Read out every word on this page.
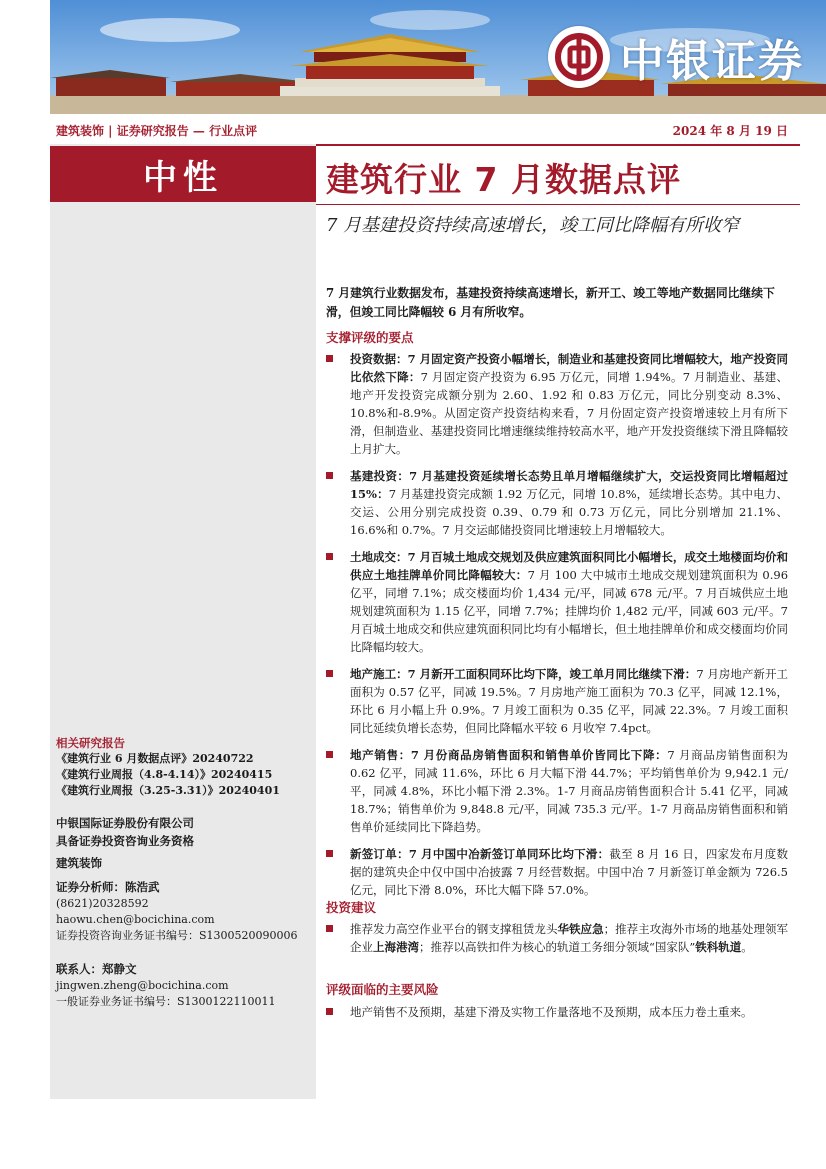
中银证券
建筑装饰 | 证券研究报告 — 行业点评	2024 年 8 月 19 日
中性	建筑行业 7 月数据点评
7 月基建投资持续高速增长，竣工同比降幅有所收窄
7 月建筑行业数据发布，基建投资持续高速增长，新开工、竣工等地产数据同比继续下滑，但竣工同比降幅较 6 月有所收窄。
支撑评级的要点
投资数据：7 月固定资产投资小幅增长，制造业和基建投资同比增幅较大，地产投资同比依然下降：7 月固定资产投资为 6.95 万亿元，同增 1.94%。7 月制造业、基建、地产开发投资完成额分别为 2.60、1.92 和 0.83 万亿元，同比分别变动 8.3%、10.8%和-8.9%。从固定资产投资结构来看，7 月份固定资产投资增速较上月有所下滑，但制造业、基建投资同比增速继续维持较高水平，地产开发投资继续下滑且降幅较上月扩大。
基建投资：7 月基建投资延续增长态势且单月增幅继续扩大，交运投资同比增幅超过 15%：7 月基建投资完成额 1.92 万亿元，同增 10.8%，延续增长态势。其中电力、交运、公用分别完成投资 0.39、0.79 和 0.73 万亿元，同比分别增加 21.1%、16.6%和 0.7%。7 月交运邮储投资同比增速较上月增幅较大。
土地成交：7 月百城土地成交规划及供应建筑面积同比小幅增长，成交土地楼面均价和供应土地挂牌单价同比降幅较大：7 月 100 大中城市土地成交规划建筑面积为 0.96 亿平，同增 7.1%；成交楼面均价 1,434 元/平，同减 678 元/平。7 月百城供应土地规划建筑面积为 1.15 亿平，同增 7.7%；挂牌均价 1,482 元/平，同减 603 元/平。7 月百城土地成交和供应建筑面积同比均有小幅增长，但土地挂牌单价和成交楼面均价同比降幅均较大。
地产施工：7 月新开工面积同环比均下降，竣工单月同比继续下滑：7 月房地产新开工面积为 0.57 亿平，同减 19.5%。7 月房地产施工面积为 70.3 亿平，同减 12.1%，环比 6 月小幅上升 0.9%。7 月竣工面积为 0.35 亿平，同减 22.3%。7 月竣工面积同比延续负增长态势，但同比降幅水平较 6 月收窄 7.4pct。
地产销售：7 月份商品房销售面积和销售单价皆同比下降：7 月商品房销售面积为 0.62 亿平，同减 11.6%，环比 6 月大幅下滑 44.7%；平均销售单价为 9,942.1 元/平，同减 4.8%，环比小幅下滑 2.3%。1-7 月商品房销售面积合计 5.41 亿平，同减 18.7%；销售单价为 9,848.8 元/平，同减 735.3 元/平。1-7 月商品房销售面积和销售单价延续同比下降趋势。
新签订单：7 月中国中冶新签订单同环比均下滑：截至 8 月 16 日，四家发布月度数据的建筑央企中仅中国中冶披露 7 月经营数据。中国中冶 7 月新签订单金额为 726.5 亿元，同比下滑 8.0%，环比大幅下降 57.0%。
投资建议
推荐发力高空作业平台的钢支撑租赁龙头华铁应急；推荐主攻海外市场的地基处理领军企业上海港湾；推荐以高铁扣件为核心的轨道工务细分领域“国家队”铁科轨道。
评级面临的主要风险
地产销售不及预期，基建下滑及实物工作量落地不及预期，成本压力卷土重来。
相关研究报告
《建筑行业 6 月数据点评》20240722
《建筑行业周报（4.8-4.14）》20240415
《建筑行业周报（3.25-3.31）》20240401
中银国际证券股份有限公司
具备证券投资咨询业务资格
建筑装饰
证券分析师：陈浩武
(8621)20328592
haowu.chen@bocichina.com
证券投资咨询业务证书编号：S1300520090006
联系人：郑静文
jingwen.zheng@bocichina.com
一般证券业务证书编号：S1300122110011
